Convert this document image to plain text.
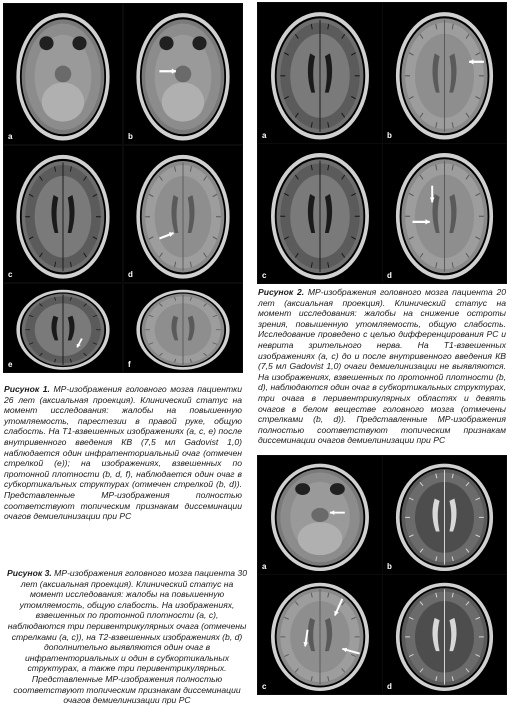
a	b
c	d
e	f
Рисунок 1. МР-изображения головного мозга пациентки 26 лет (аксиальная проекция). Клинический статус на момент исследования: жалобы на повышенную утомляемость, парестезии в правой руке, общую слабость. На T1-взвешенных изображениях (a, c, e) после внутривенного введения КВ (7,5 мл Gadovist 1,0) наблюдается один инфратенториальный очаг (отмечен стрелкой (e)); на изображениях, взвешенных по протонной плотности (b, d, f), наблюдается один очаг в субкортикальных структурах (отмечен стрелкой (b, d)). Представленные МР-изображения полностью соответствуют топическим признакам диссеминации очагов демиелинизации при РС
a	b
c	d
Рисунок 2. МР-изображения головного мозга пациента 20 лет (аксиальная проекция). Клинический статус на момент исследования: жалобы на снижение остроты зрения, повышенную утомляемость, общую слабость. Исследование проведено с целью дифференцирования РС и неврита зрительного нерва. На T1-взвешенных изображениях (a, c) до и после внутривенного введения КВ (7,5 мл Gadovist 1,0) очаги демиелинизации не выявляются. На изображениях, взвешенных по протонной плотности (b, d), наблюдаются один очаг в субкортикальных структурах, три очага в перивентрикулярных областях и девять очагов в белом веществе головного мозга (отмечены стрелками (b, d)). Представленные МР-изображения полностью соответствуют топическим признакам диссеминации очагов демиелинизации при РС
a	b
c	d
Рисунок 3. МР-изображения головного мозга пациента 30 лет (аксиальная проекция). Клинический статус на момент исследования: жалобы на повышенную утомляемость, общую слабость. На изображениях, взвешенных по протонной плотности (a, c), наблюдаются три перивентрикулярных очага (отмечены стрелками (a, c)), на T2-взвешенных изображениях (b, d) дополнительно выявляются один очаг в инфратенториальных и один в субкортикальных структурах, а также три перивентрикулярных. Представленные МР-изображения полностью соответствуют топическим признакам диссеминации очагов демиелинизации при РС
